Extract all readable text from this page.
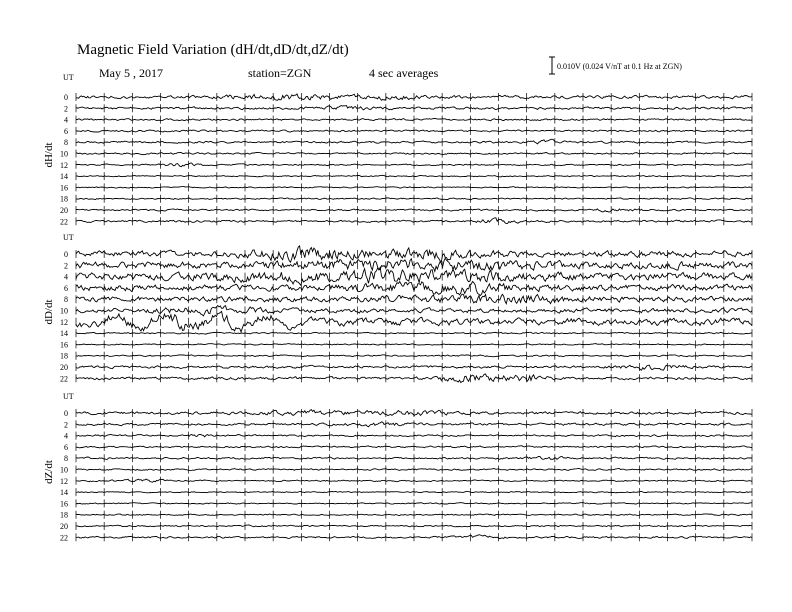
Magnetic Field Variation (dH/dt,dD/dt,dZ/dt)
May 5 , 2017	station=ZGN	4 sec averages	0.010V (0.024 V/nT at 0.1 Hz at ZGN)
UT
dH/dt
0
2
4
6
8
10
12
14
16
18
20
22
UT
dD/dt
0
2
4
6
8
10
12
14
16
18
20
22
UT
dZ/dt
0
2
4
6
8
10
12
14
16
18
20
22
